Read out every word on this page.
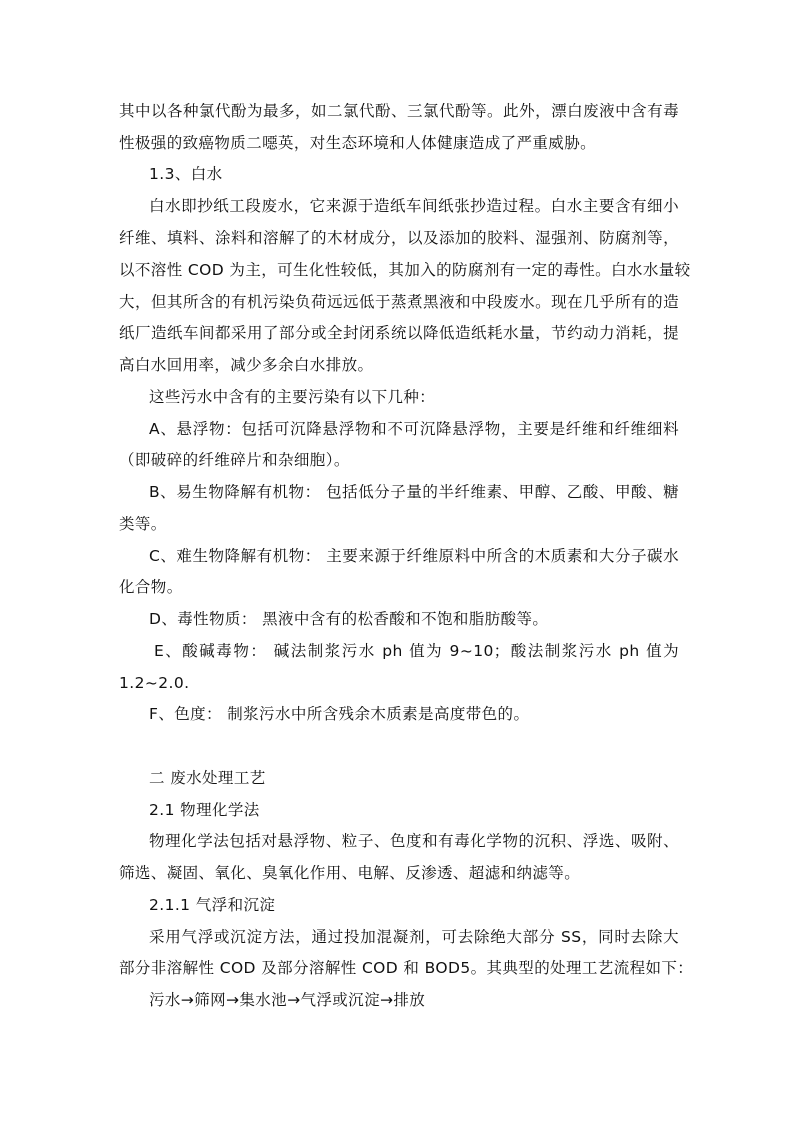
其中以各种氯代酚为最多，如二氯代酚、三氯代酚等。此外，漂白废液中含有毒
性极强的致癌物质二噁英，对生态环境和人体健康造成了严重威胁。
1.3、白水
白水即抄纸工段废水，它来源于造纸车间纸张抄造过程。白水主要含有细小
纤维、填料、涂料和溶解了的木材成分，以及添加的胶料、湿强剂、防腐剂等，
以不溶性 COD 为主，可生化性较低，其加入的防腐剂有一定的毒性。白水水量较
大，但其所含的有机污染负荷远远低于蒸煮黑液和中段废水。现在几乎所有的造
纸厂造纸车间都采用了部分或全封闭系统以降低造纸耗水量，节约动力消耗，提
高白水回用率，减少多余白水排放。
这些污水中含有的主要污染有以下几种：
A、悬浮物：包括可沉降悬浮物和不可沉降悬浮物，主要是纤维和纤维细料
（即破碎的纤维碎片和杂细胞）。
B、易生物降解有机物： 包括低分子量的半纤维素、甲醇、乙酸、甲酸、糖
类等。
C、难生物降解有机物： 主要来源于纤维原料中所含的木质素和大分子碳水
化合物。
D、毒性物质： 黑液中含有的松香酸和不饱和脂肪酸等。
E、酸碱毒物： 碱法制浆污水 ph 值为 9~10；酸法制浆污水 ph 值为
1.2~2.0.
F、色度： 制浆污水中所含残余木质素是高度带色的。
二 废水处理工艺
2.1 物理化学法
物理化学法包括对悬浮物、粒子、色度和有毒化学物的沉积、浮选、吸附、
筛选、凝固、氧化、臭氧化作用、电解、反渗透、超滤和纳滤等。
2.1.1 气浮和沉淀
采用气浮或沉淀方法，通过投加混凝剂，可去除绝大部分 SS，同时去除大
部分非溶解性 COD 及部分溶解性 COD 和 BOD5。其典型的处理工艺流程如下：
污水→筛网→集水池→气浮或沉淀→排放
